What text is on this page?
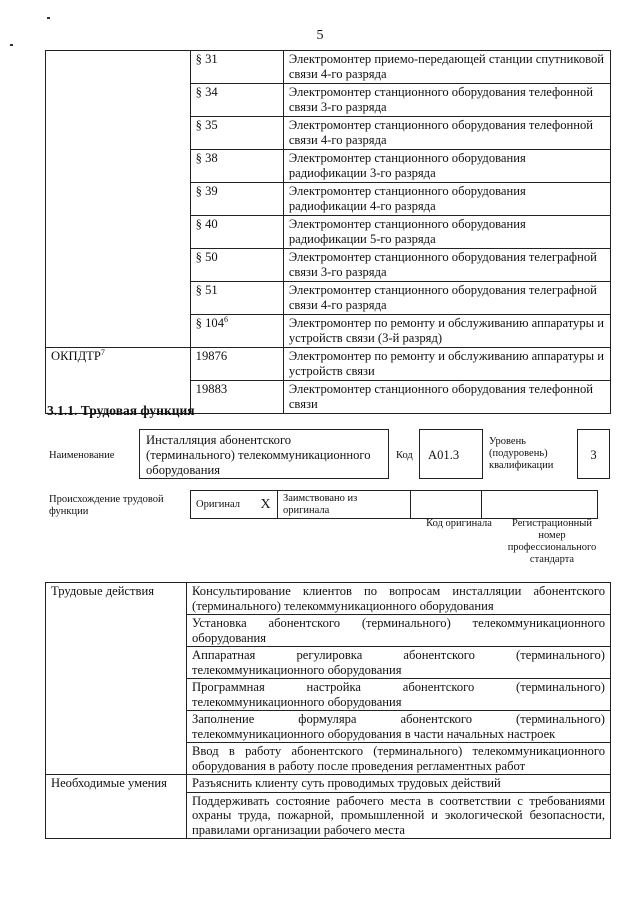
5
	§ 31	Электромонтер приемо-передающей станции спутниковой связи 4-го разряда
	§ 34	Электромонтер станционного оборудования телефонной связи 3-го разряда
	§ 35	Электромонтер станционного оборудования телефонной связи 4-го разряда
	§ 38	Электромонтер станционного оборудования радиофикации 3-го разряда
	§ 39	Электромонтер станционного оборудования радиофикации 4-го разряда
	§ 40	Электромонтер станционного оборудования радиофикации 5-го разряда
	§ 50	Электромонтер станционного оборудования телеграфной связи 3-го разряда
	§ 51	Электромонтер станционного оборудования телеграфной связи 4-го разряда
	§ $104^6$	Электромонтер по ремонту и обслуживанию аппаратуры и устройств связи (3-й разряд)
ОКПДТР$^7$	19876	Электромонтер по ремонту и обслуживанию аппаратуры и устройств связи
	19883	Электромонтер станционного оборудования телефонной связи
3.1.1. Трудовая функция
Наименование
Инсталляция абонентского (терминального) телекоммуникационного оборудования
Код	A01.3
Уровень (подуровень) квалификации
3
Происхождение трудовой функции
Оригинал	X	Заимствовано из оригинала		
Код оригинала	Регистрационный номер профессионального стандарта
Трудовые действия	Консультирование клиентов по вопросам инсталляции абонентского (терминального) телекоммуникационного оборудования
	Установка абонентского (терминального) телекоммуникационного оборудования
	Аппаратная регулировка абонентского (терминального) телекоммуникационного оборудования
	Программная настройка абонентского (терминального) телекоммуникационного оборудования
	Заполнение формуляра абонентского (терминального) телекоммуникационного оборудования в части начальных настроек
	Ввод в работу абонентского (терминального) телекоммуникационного оборудования в работу после проведения регламентных работ
Необходимые умения	Разъяснить клиенту суть проводимых трудовых действий
	Поддерживать состояние рабочего места в соответствии с требованиями охраны труда, пожарной, промышленной и экологической безопасности, правилами организации рабочего места
